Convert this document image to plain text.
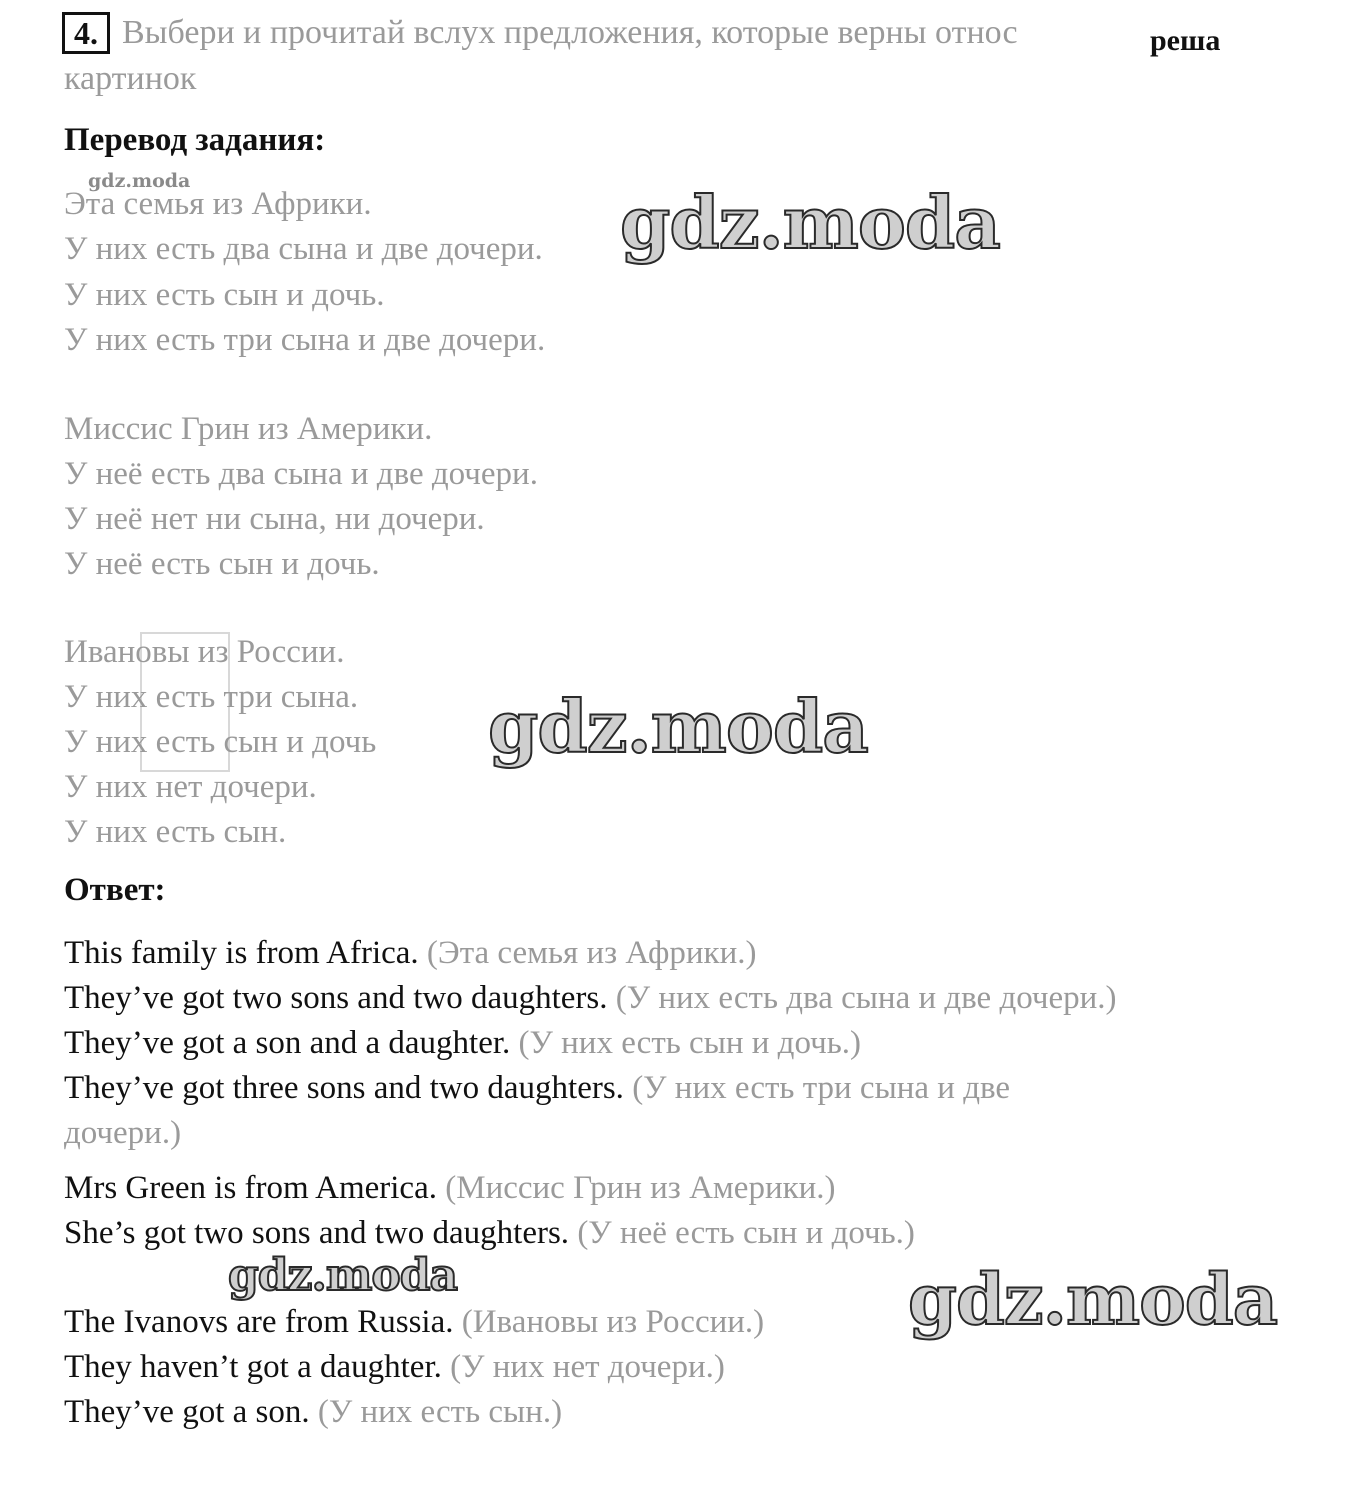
4. Выбери и прочитай вслух предложения, которые верны относ	реша
картинок
Перевод задания:
gdz.moda
Эта семья из Африки.
У них есть два сына и две дочери.
У них есть сын и дочь.
У них есть три сына и две дочери.
Миссис Грин из Америки.
У неё есть два сына и две дочери.
У неё нет ни сына, ни дочери.
У неё есть сын и дочь.
Ивановы из России.
У них есть три сына.
У них есть сын и дочь
У них нет дочери.
У них есть сын.
Ответ:
This family is from Africa. (Эта семья из Африки.)
They’ve got two sons and two daughters. (У них есть два сына и две дочери.)
They’ve got a son and a daughter. (У них есть сын и дочь.)
They’ve got three sons and two daughters. (У них есть три сына и две
дочери.)
Mrs Green is from America. (Миссис Грин из Америки.)
She’s got two sons and two daughters. (У неё есть сын и дочь.)
The Ivanovs are from Russia. (Ивановы из России.)
They haven’t got a daughter. (У них нет дочери.)
They’ve got a son. (У них есть сын.)
gdz.moda
gdz.moda
gdz.moda	gdz.moda
